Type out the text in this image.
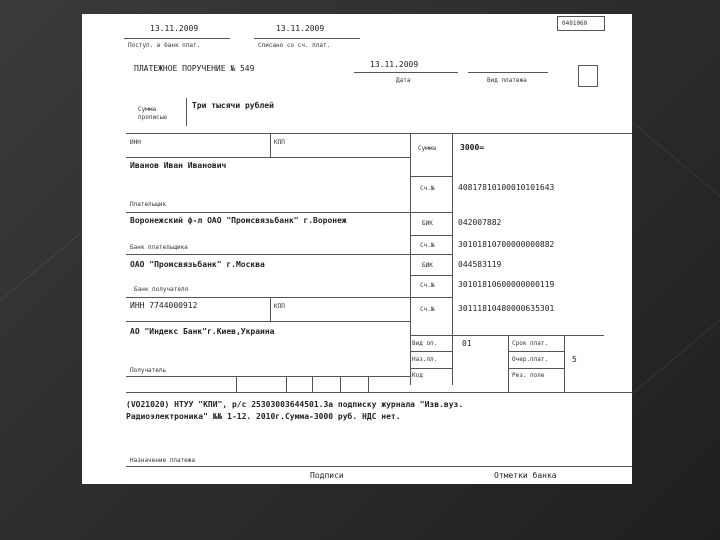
13.11.2009
Поступ. в банк плат.
13.11.2009
Списано со сч. плат.
0401060
ПЛАТЕЖНОЕ ПОРУЧЕНИЕ № 549	13.11.2009
Дата	Вид платежа
Сумма
прописью
Три тысячи рублей
ИНН	КПП
Сумма	3000=
Иванов Иван Иванович
Плательщик
Сч.№	40817810100010101643
Воронежский ф-л ОАО "Промсвязьбанк" г.Воронеж
Банк плательщика
БИК	042007882
Сч.№	30101810700000000882
ОАО "Промсвязьбанк" г.Москва
Банк получателя
БИК	044583119
Сч.№	30101810600000000119
ИНН 7744000912	КПП	Сч.№	30111810480000635301
АО "Индекс Банк"г.Киев,Украина
Получатель
Вид оп.	01
Наз.пл.
Код
Срок плат.
Очер.плат.	5
Рез. поле
(VO21020) НТУУ "КПИ", р/с 25303003644501.За подписку журнала "Изв.вуз.
Радиоэлектроника" №№ 1-12. 2010г.Сумма-3000 руб. НДС нет.
Назначение платежа
Подписи	Отметки банка
